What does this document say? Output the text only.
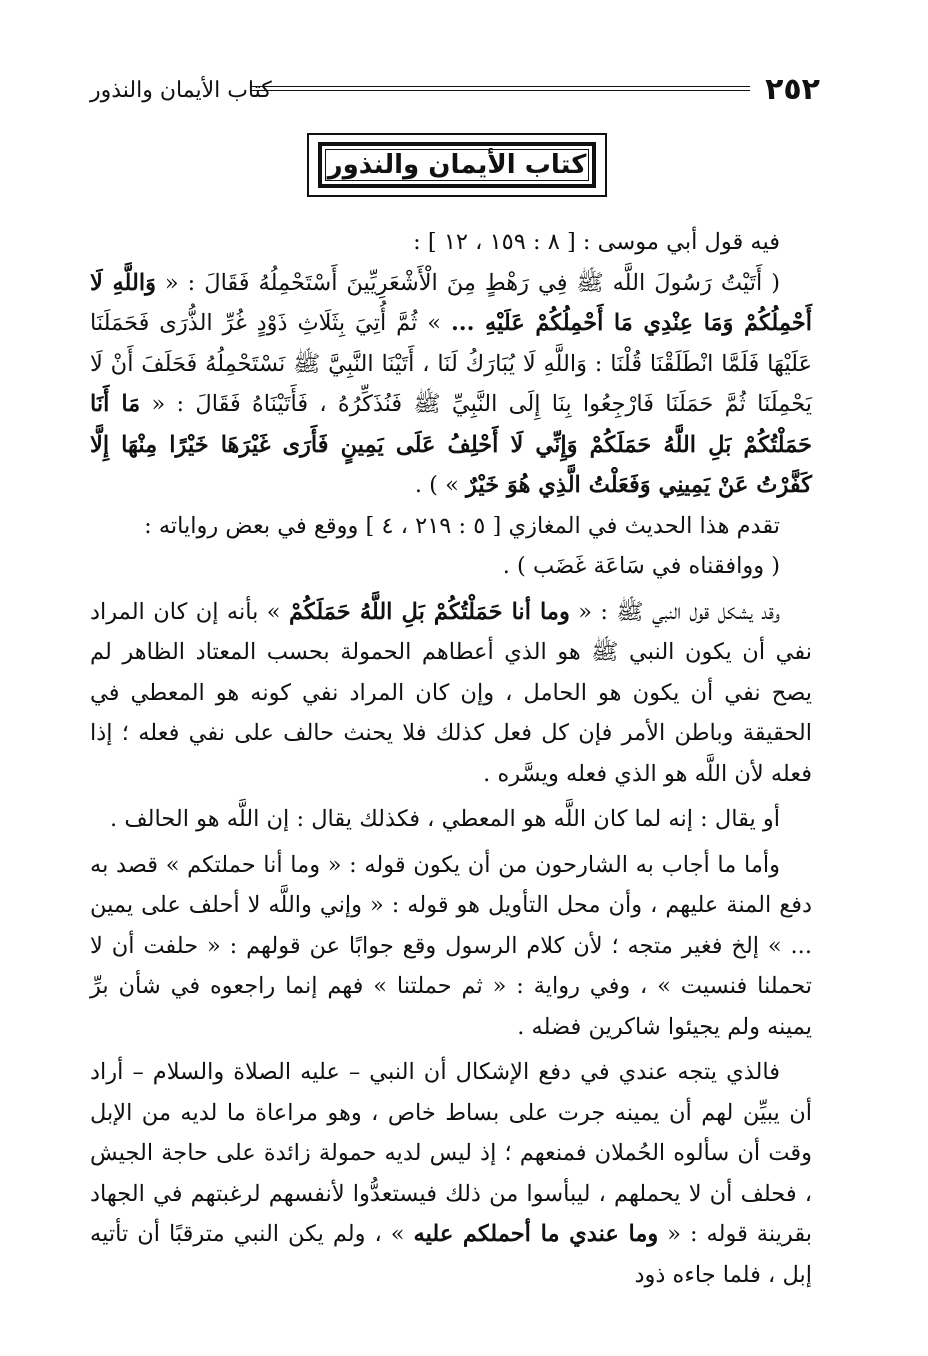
٢٥٢
كتاب الأيمان والنذور
كتاب الأيمان والنذور

فيه قول أبي موسى : [ ٨ : ١٥٩ ، ١٢ ] :

( أَتَيْتُ رَسُولَ اللَّه ﷺ فِي رَهْطٍ مِنَ الْأَشْعَرِيِّينَ أَسْتَحْمِلُهُ فَقَالَ : « وَاللَّهِ لَا أَحْمِلُكُمْ وَمَا عِنْدِي مَا أَحْمِلُكُمْ عَلَيْهِ ... » ثُمَّ أُتِيَ بِثَلَاثِ ذَوْدٍ غُرِّ الذُّرَى فَحَمَلَنَا عَلَيْهَا فَلَمَّا انْطَلَقْنَا قُلْنَا : وَاللَّهِ لَا يُبَارَكُ لَنَا ، أَتَيْنَا النَّبِيَّ ﷺ نَسْتَحْمِلُهُ فَحَلَفَ أَنْ لَا يَحْمِلَنَا ثُمَّ حَمَلَنَا فَارْجِعُوا بِنَا إِلَى النَّبِيِّ ﷺ فَنُذَكِّرُهُ ، فَأَتَيْنَاهُ فَقَالَ : « مَا أَنَا حَمَلْتُكُمْ بَلِ اللَّهُ حَمَلَكُمْ وَإِنِّي لَا أَحْلِفُ عَلَى يَمِينٍ فَأَرَى غَيْرَهَا خَيْرًا مِنْهَا إِلَّا كَفَّرْتُ عَنْ يَمِينِي وَفَعَلْتُ الَّذِي هُوَ خَيْرٌ » ) .

تقدم هذا الحديث في المغازي [ ٥ : ٢١٩ ، ٤ ] ووقع في بعض رواياته :

( ووافقناه في سَاعَة غَضَب ) .

وقد يشكل قول النبي ﷺ : « وما أنا حَمَلْتُكُمْ بَلِ اللَّهُ حَمَلَكُمْ » بأنه إن كان المراد نفي أن يكون النبي ﷺ هو الذي أعطاهم الحمولة بحسب المعتاد الظاهر لم يصح نفي أن يكون هو الحامل ، وإن كان المراد نفي كونه هو المعطي في الحقيقة وباطن الأمر فإن كل فعل كذلك فلا يحنث حالف على نفي فعله ؛ إذا فعله لأن اللَّه هو الذي فعله ويسَّره .

أو يقال : إنه لما كان اللَّه هو المعطي ، فكذلك يقال : إن اللَّه هو الحالف .

وأما ما أجاب به الشارحون من أن يكون قوله : « وما أنا حملتكم » قصد به دفع المنة عليهم ، وأن محل التأويل هو قوله : « وإني واللَّه لا أحلف على يمين ... » إلخ فغير متجه ؛ لأن كلام الرسول وقع جوابًا عن قولهم : « حلفت أن لا تحملنا فنسيت » ، وفي رواية : « ثم حملتنا » فهم إنما راجعوه في شأن برِّ يمينه ولم يجيئوا شاكرين فضله .

فالذي يتجه عندي في دفع الإشكال أن النبي – عليه الصلاة والسلام – أراد أن يبيِّن لهم أن يمينه جرت على بساط خاص ، وهو مراعاة ما لديه من الإبل وقت أن سألوه الحُملان فمنعهم ؛ إذ ليس لديه حمولة زائدة على حاجة الجيش ، فحلف أن لا يحملهم ، ليبأسوا من ذلك فيستعدُّوا لأنفسهم لرغبتهم في الجهاد بقرينة قوله : « وما عندي ما أحملكم عليه » ، ولم يكن النبي مترقبًا أن تأتيه إبل ، فلما جاءه ذود
